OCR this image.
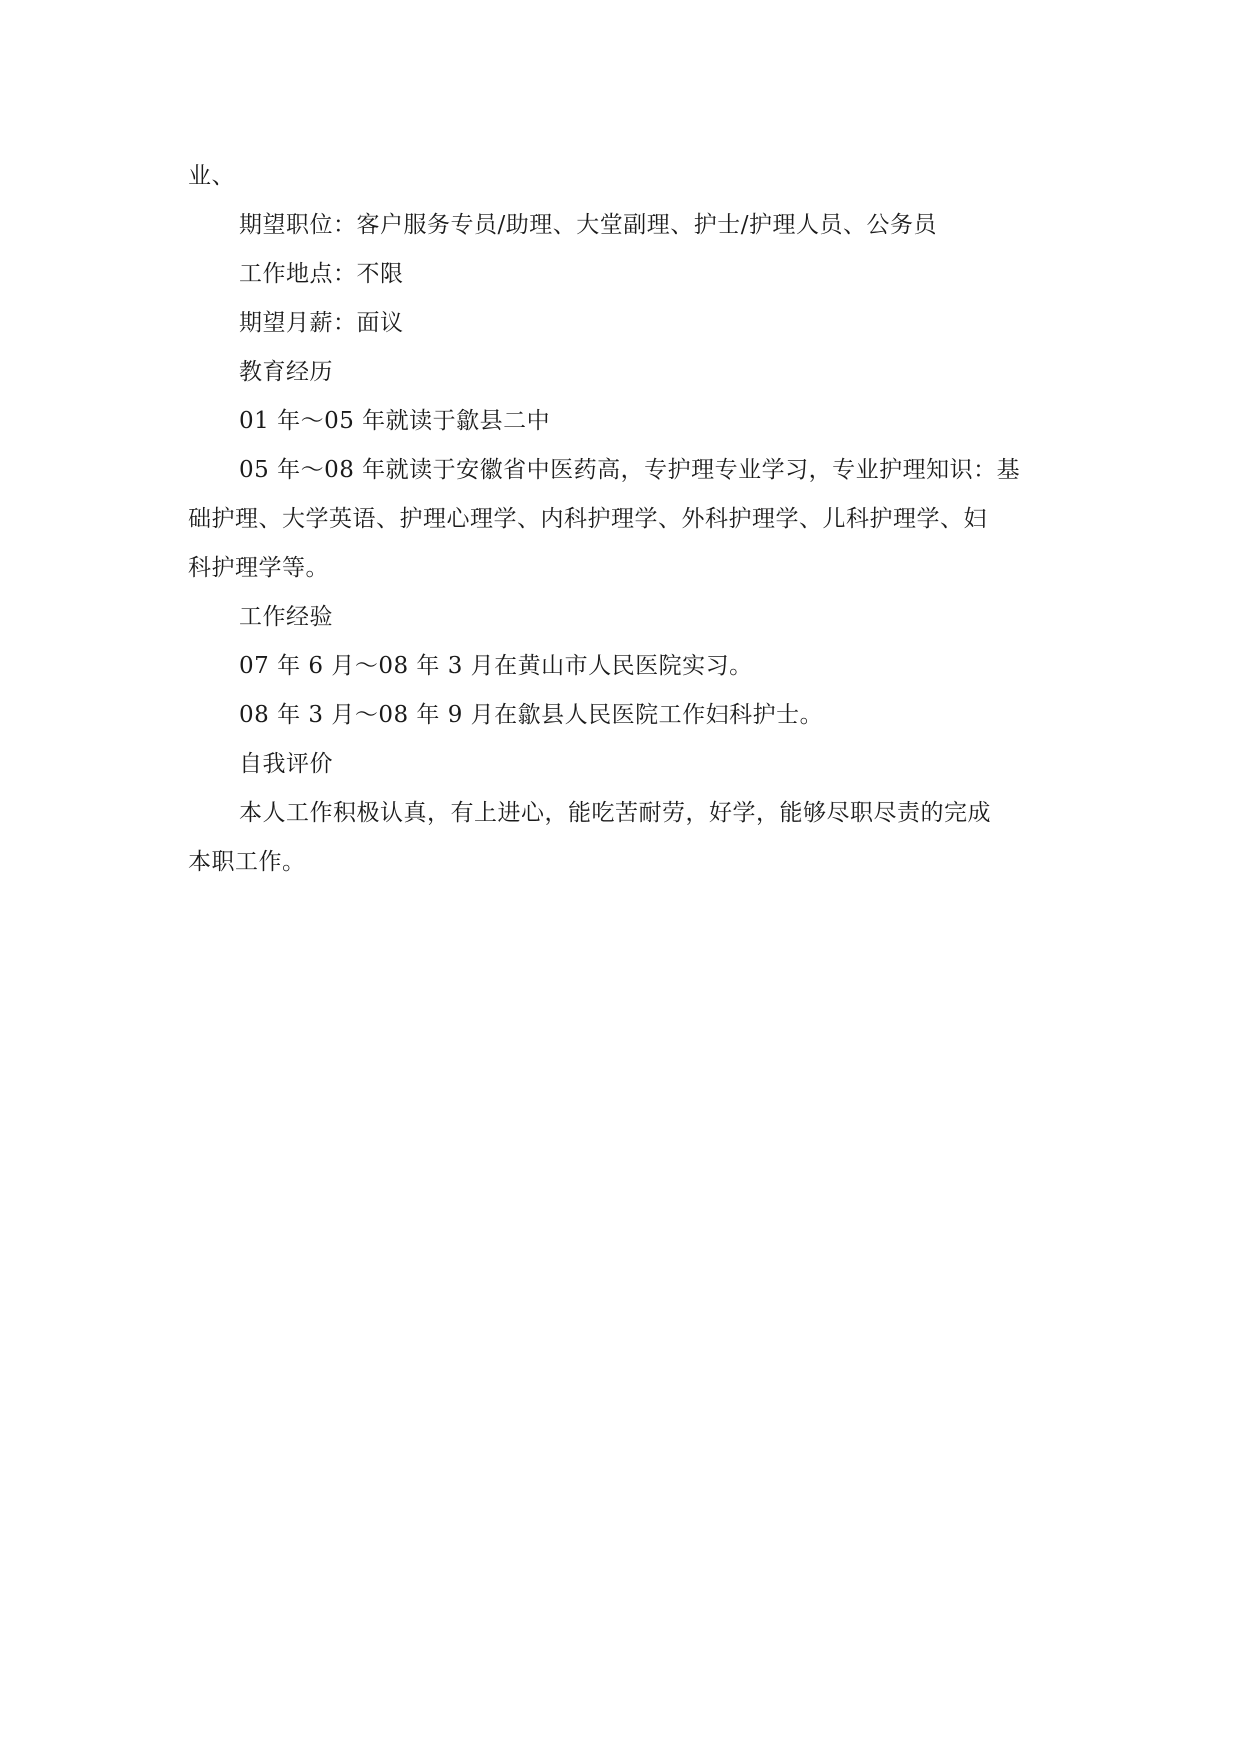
业、
期望职位：客户服务专员/助理、大堂副理、护士/护理人员、公务员
工作地点：不限
期望月薪：面议
教育经历
01 年～05 年就读于歙县二中
05 年～08 年就读于安徽省中医药高，专护理专业学习，专业护理知识：基
础护理、大学英语、护理心理学、内科护理学、外科护理学、儿科护理学、妇
科护理学等。
工作经验
07 年 6 月～08 年 3 月在黄山市人民医院实习。
08 年 3 月～08 年 9 月在歙县人民医院工作妇科护士。
自我评价
本人工作积极认真，有上进心，能吃苦耐劳，好学，能够尽职尽责的完成
本职工作。
